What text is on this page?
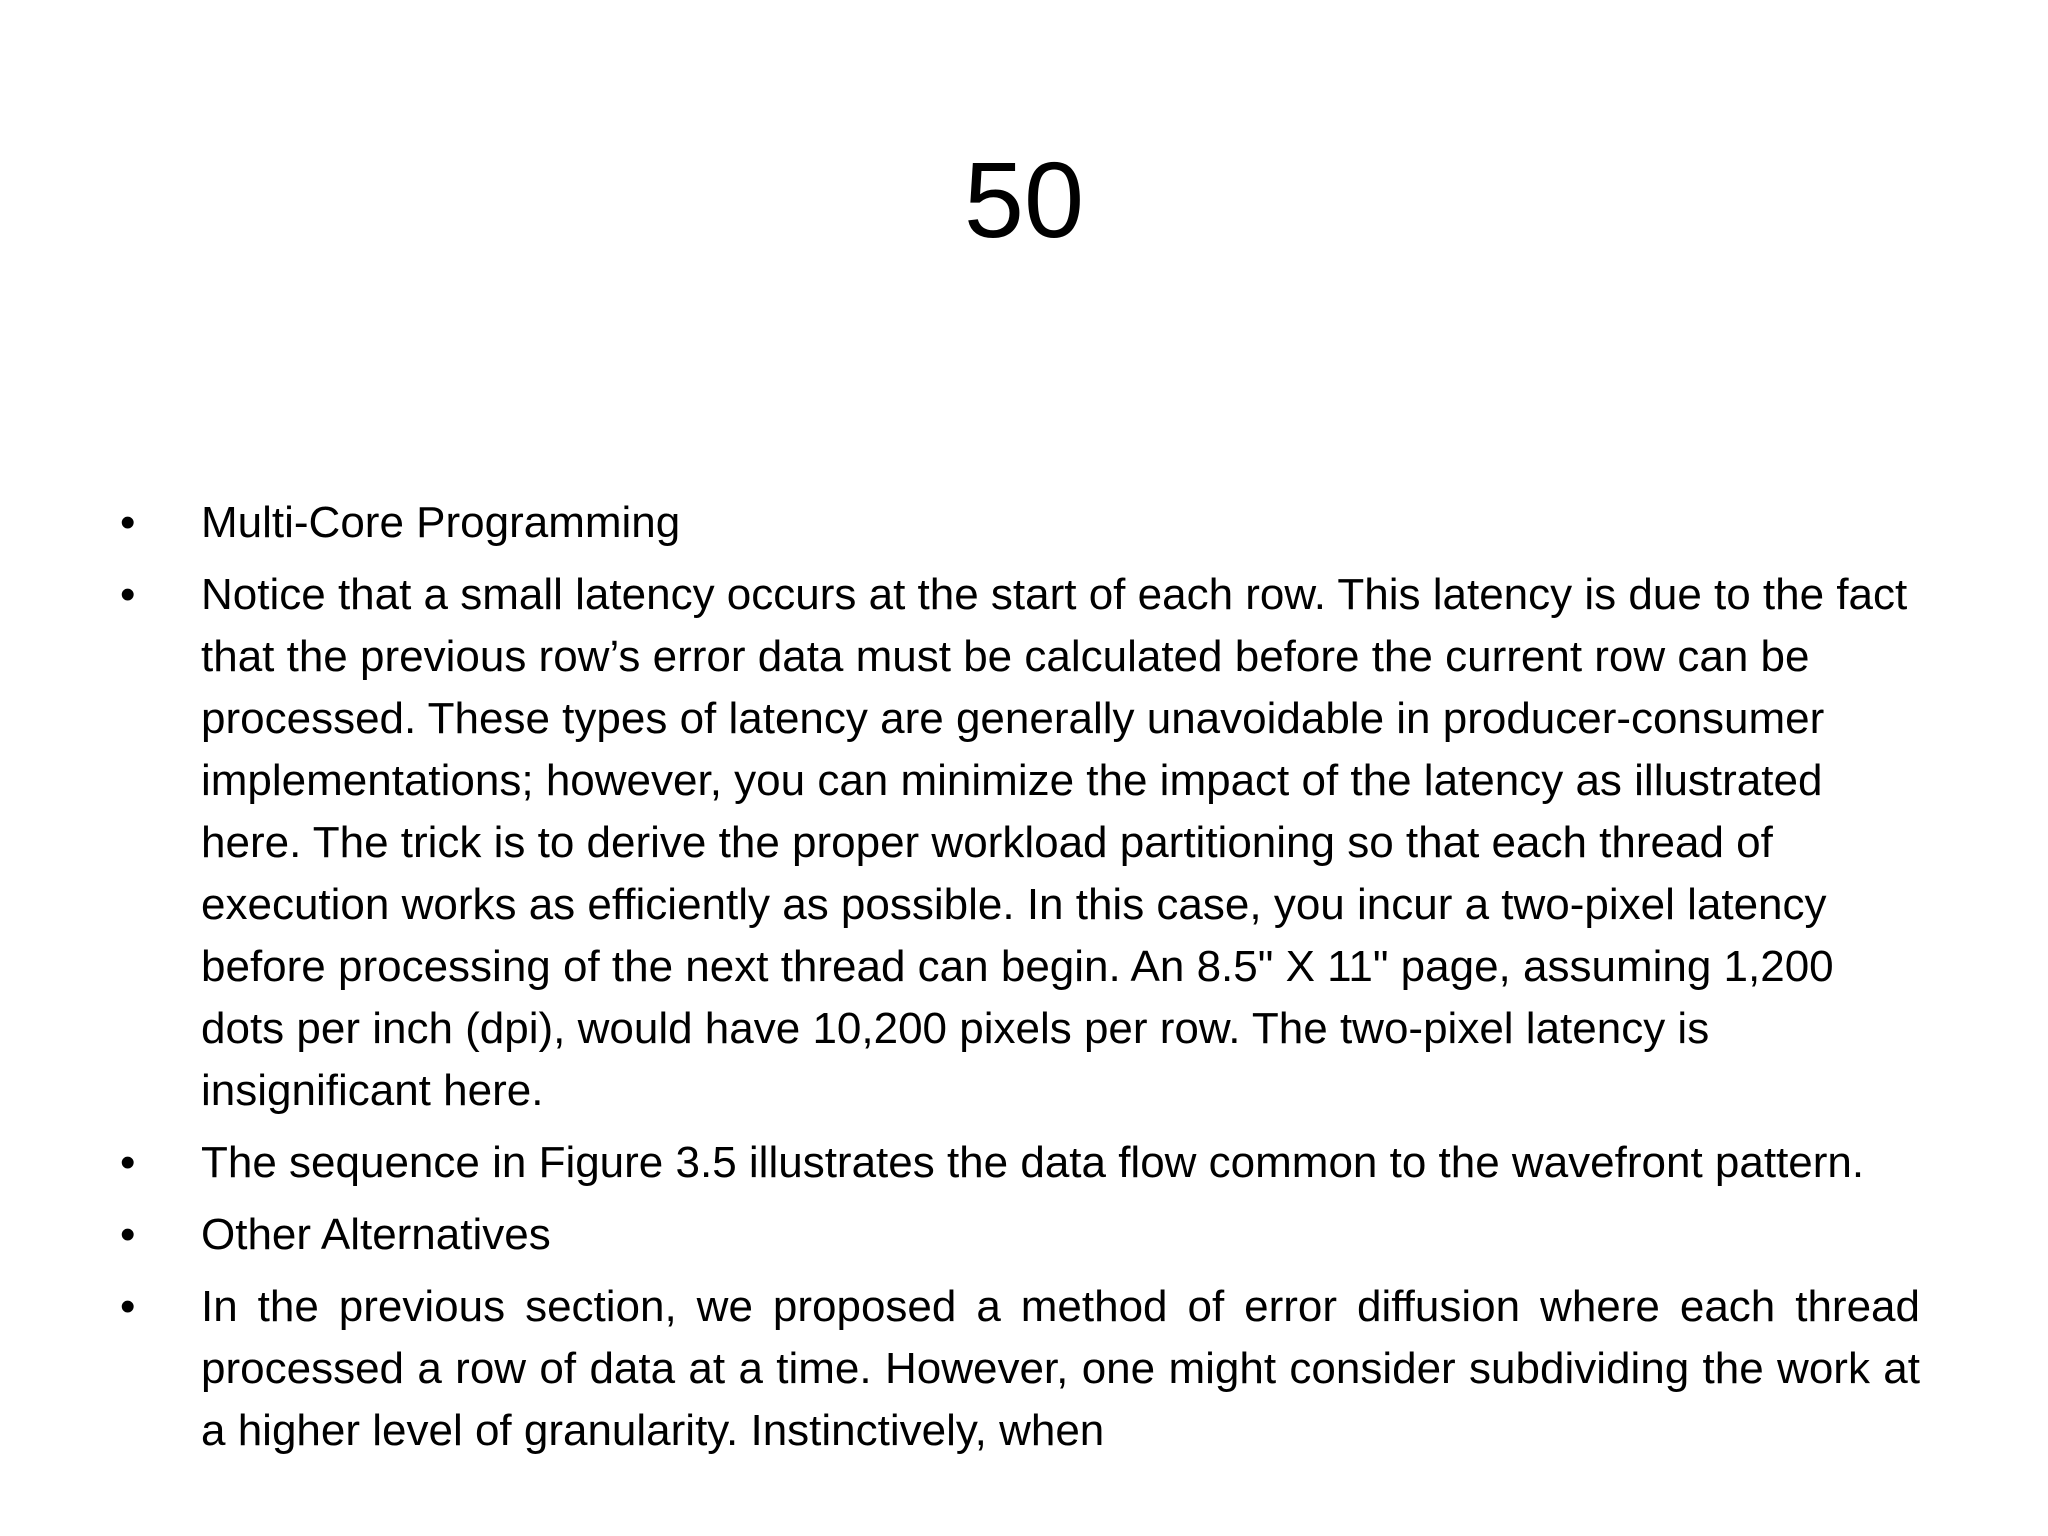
50
• Multi-Core Programming
• Notice that a small latency occurs at the start of each row. This latency is due to the fact that the previous row’s error data must be calculated before the current row can be processed. These types of latency are generally unavoidable in producer-consumer implementations; however, you can minimize the impact of the latency as illustrated here. The trick is to derive the proper workload partitioning so that each thread of execution works as efficiently as possible. In this case, you incur a two-pixel latency before processing of the next thread can begin. An 8.5" X 11" page, assuming 1,200 dots per inch (dpi), would have 10,200 pixels per row. The two-pixel latency is insignificant here.
• The sequence in Figure 3.5 illustrates the data flow common to the wavefront pattern.
• Other Alternatives
• In the previous section, we proposed a method of error diffusion where each thread processed a row of data at a time. However, one might consider subdividing the work at a higher level of granularity. Instinctively, when
